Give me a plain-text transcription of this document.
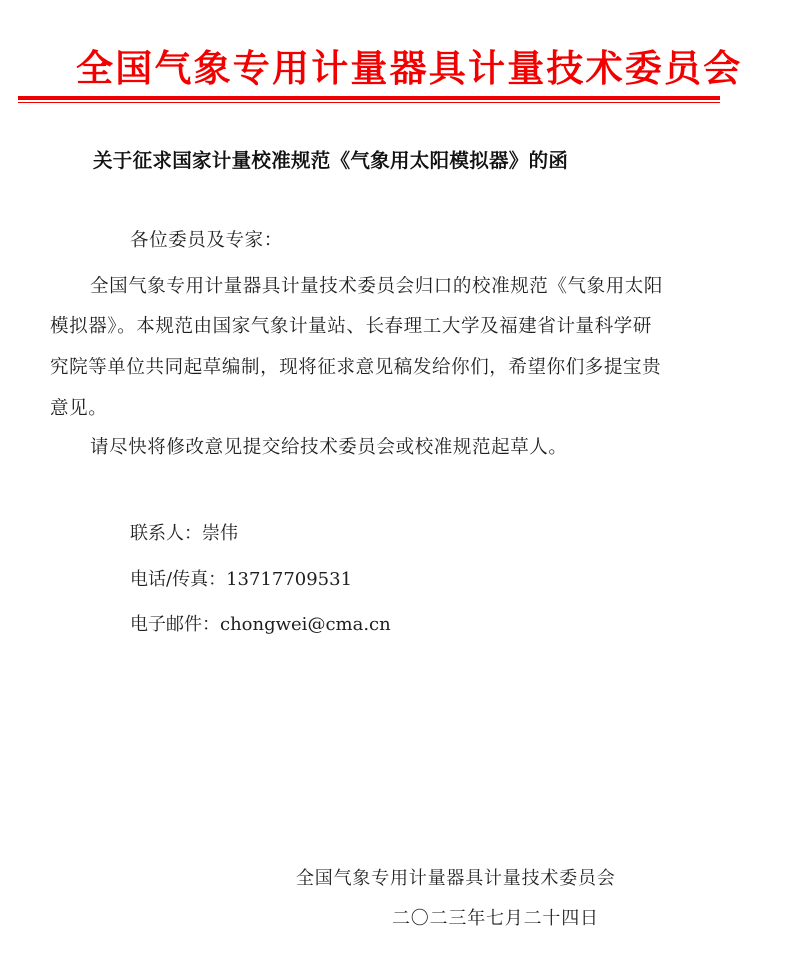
全国气象专用计量器具计量技术委员会
关于征求国家计量校准规范《气象用太阳模拟器》的函
各位委员及专家：
全国气象专用计量器具计量技术委员会归口的校准规范《气象用太阳
模拟器》。本规范由国家气象计量站、长春理工大学及福建省计量科学研
究院等单位共同起草编制，现将征求意见稿发给你们，希望你们多提宝贵
意见。
请尽快将修改意见提交给技术委员会或校准规范起草人。
联系人：崇伟
电话/传真：13717709531
电子邮件：chongwei@cma.cn
全国气象专用计量器具计量技术委员会
二〇二三年七月二十四日
